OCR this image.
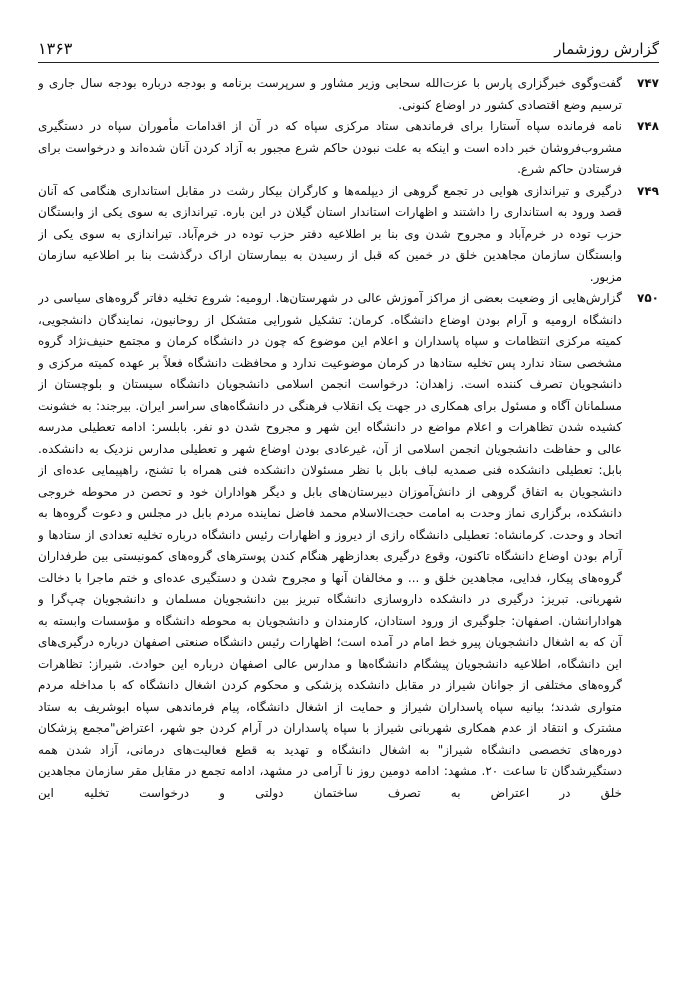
گزارش روزشمار
۱۳۶۳
۷۴۷
گفت‌وگوی خبرگزاری پارس با عزت‌الله سحابی وزیر مشاور و سرپرست برنامه و بودجه درباره بودجه سال جاری و ترسیم وضع اقتصادی کشور در اوضاع کنونی.
۷۴۸
نامه فرمانده سپاه آستارا برای فرماندهی ستاد مرکزی سپاه که در آن از اقدامات مأموران سپاه در دستگیری مشروب‌فروشان خبر داده است و اینکه به علت نبودن حاکم شرع مجبور به آزاد کردن آنان شده‌اند و درخواست برای فرستادن حاکم شرع.
۷۴۹
درگیری و تیراندازی هوایی در تجمع گروهی از دیپلمه‌ها و کارگران بیکار رشت در مقابل استانداری هنگامی که آنان قصد ورود به استانداری را داشتند و اظهارات استاندار استان گیلان در این باره. تیراندازی به سوی یکی از وابستگان حزب توده در خرم‌آباد و مجروح شدن وی بنا بر اطلاعیه دفتر حزب توده در خرم‌آباد. تیراندازی به سوی یکی از وابستگان سازمان مجاهدین خلق در خمین که قبل از رسیدن به بیمارستان اراک درگذشت بنا بر اطلاعیه سازمان مزبور.
۷۵۰
گزارش‌هایی از وضعیت بعضی از مراکز آموزش عالی در شهرستان‌ها. ارومیه: شروع تخلیه دفاتر گروه‌های سیاسی در دانشگاه ارومیه و آرام بودن اوضاع دانشگاه. کرمان: تشکیل شورایی متشکل از روحانیون، نمایندگان دانشجویی، کمیته مرکزی انتظامات و سپاه پاسداران و اعلام این موضوع که چون در دانشگاه کرمان و مجتمع حنیف‌نژاد گروه مشخصی ستاد ندارد پس تخلیه ستادها در کرمان موضوعیت ندارد و محافظت دانشگاه فعلاً بر عهده کمیته مرکزی و دانشجویان تصرف کننده است. زاهدان: درخواست انجمن اسلامی دانشجویان دانشگاه سیستان و بلوچستان از مسلمانان آگاه و مسئول برای همکاری در جهت یک انقلاب فرهنگی در دانشگاه‌های سراسر ایران. بیرجند: به خشونت کشیده شدن تظاهرات و اعلام مواضع در دانشگاه این شهر و مجروح شدن دو نفر. بابلسر: ادامه تعطیلی مدرسه عالی و حفاظت دانشجویان انجمن اسلامی از آن، غیرعادی بودن اوضاع شهر و تعطیلی مدارس نزدیک به دانشکده. بابل: تعطیلی دانشکده فنی صمدیه لباف بابل با نظر مسئولان دانشکده فنی همراه با تشنج، راهپیمایی عده‌ای از دانشجویان به اتفاق گروهی از دانش‌آموزان دبیرستان‌های بابل و دیگر هواداران خود و تحصن در محوطه خروجی دانشکده، برگزاری نماز وحدت به امامت حجت‌الاسلام محمد فاضل نماینده مردم بابل در مجلس و دعوت گروه‌ها به اتحاد و وحدت. کرمانشاه: تعطیلی دانشگاه رازی از دیروز و اظهارات رئیس دانشگاه درباره تخلیه تعدادی از ستادها و آرام بودن اوضاع دانشگاه تاکنون، وقوع درگیری بعدازظهر هنگام کندن پوسترهای گروه‌های کمونیستی بین طرفداران گروه‌های پیکار، فدایی، مجاهدین خلق و ... و مخالفان آنها و مجروح شدن و دستگیری عده‌ای و ختم ماجرا با دخالت شهربانی. تبریز: درگیری در دانشکده داروسازی دانشگاه تبریز بین دانشجویان مسلمان و دانشجویان چپ‌گرا و هوادارانشان. اصفهان: جلوگیری از ورود استادان، کارمندان و دانشجویان به محوطه دانشگاه و مؤسسات وابسته به آن که به اشغال دانشجویان پیرو خط امام در آمده است؛ اظهارات رئیس دانشگاه صنعتی اصفهان درباره درگیری‌های این دانشگاه، اطلاعیه دانشجویان پیشگام دانشگاه‌ها و مدارس عالی اصفهان درباره این حوادث. شیراز: تظاهرات گروه‌های مختلفی از جوانان شیراز در مقابل دانشکده پزشکی و محکوم کردن اشغال دانشگاه که با مداخله مردم متواری شدند؛ بیانیه سپاه پاسداران شیراز و حمایت از اشغال دانشگاه، پیام فرماندهی سپاه ابوشریف به ستاد مشترک و انتقاد از عدم همکاری شهربانی شیراز با سپاه پاسداران در آرام کردن جو شهر، اعتراض"مجمع پزشکان دوره‌های تخصصی دانشگاه شیراز" به اشغال دانشگاه و تهدید به قطع فعالیت‌های درمانی، آزاد شدن همه دستگیرشدگان تا ساعت ۲۰. مشهد: ادامه دومین روز نا آرامی در مشهد، ادامه تجمع در مقابل مقر سازمان مجاهدین خلق در اعتراض به تصرف ساختمان دولتی و درخواست تخلیه این
